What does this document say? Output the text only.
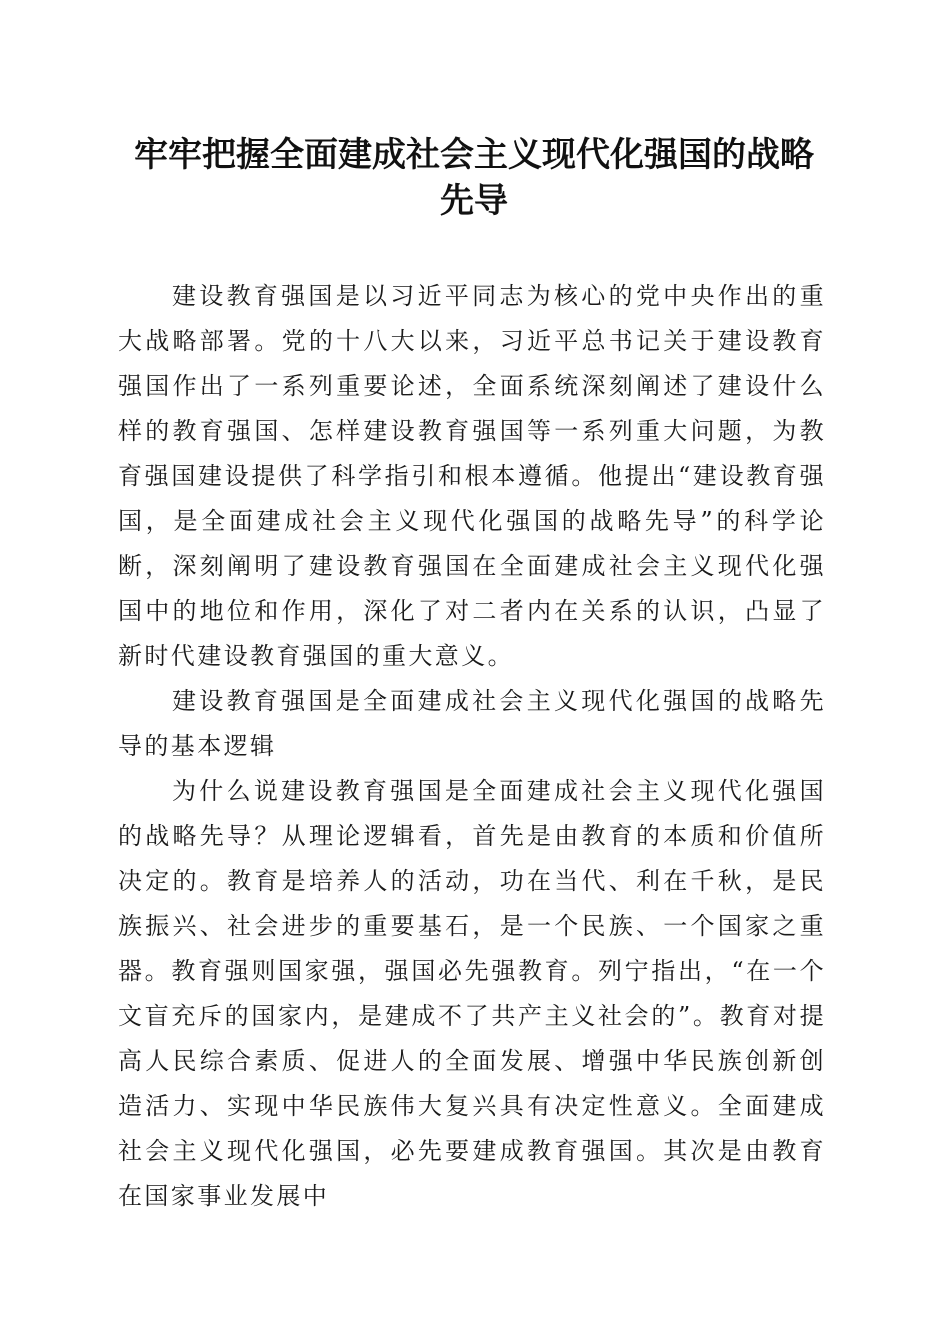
牢牢把握全面建成社会主义现代化强国的战略先导

建设教育强国是以习近平同志为核心的党中央作出的重大战略部署。党的十八大以来，习近平总书记关于建设教育强国作出了一系列重要论述，全面系统深刻阐述了建设什么样的教育强国、怎样建设教育强国等一系列重大问题，为教育强国建设提供了科学指引和根本遵循。他提出“建设教育强国，是全面建成社会主义现代化强国的战略先导”的科学论断，深刻阐明了建设教育强国在全面建成社会主义现代化强国中的地位和作用，深化了对二者内在关系的认识，凸显了新时代建设教育强国的重大意义。

建设教育强国是全面建成社会主义现代化强国的战略先导的基本逻辑

为什么说建设教育强国是全面建成社会主义现代化强国的战略先导？从理论逻辑看，首先是由教育的本质和价值所决定的。教育是培养人的活动，功在当代、利在千秋，是民族振兴、社会进步的重要基石，是一个民族、一个国家之重器。教育强则国家强，强国必先强教育。列宁指出，“在一个文盲充斥的国家内，是建成不了共产主义社会的”。教育对提高人民综合素质、促进人的全面发展、增强中华民族创新创造活力、实现中华民族伟大复兴具有决定性意义。全面建成社会主义现代化强国，必先要建成教育强国。其次是由教育在国家事业发展中
